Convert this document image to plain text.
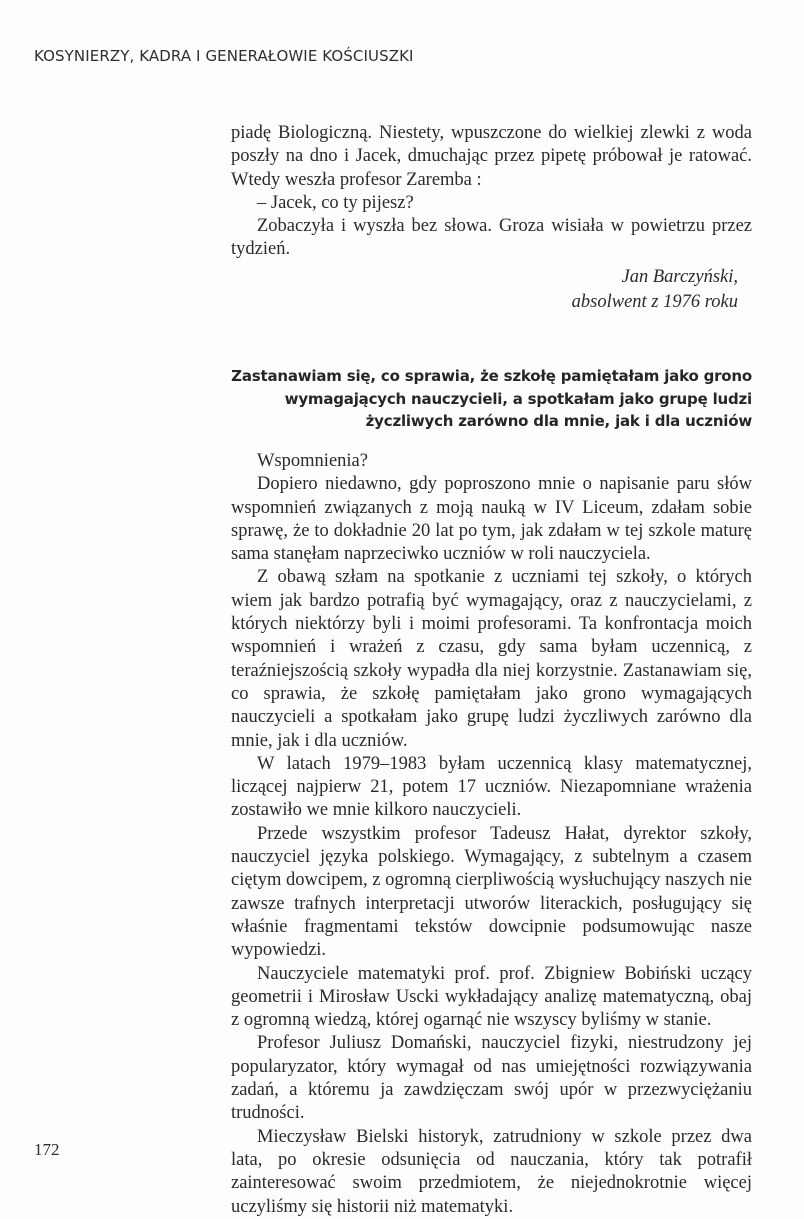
KOSYNIERZY, KADRA I GENERAŁOWIE KOŚCIUSZKI

piadę Biologiczną. Niestety, wpuszczone do wielkiej zlewki z woda poszły na dno i Jacek, dmuchając przez pipetę próbował je ratować. Wtedy weszła profesor Zaremba :

– Jacek, co ty pijesz?

Zobaczyła i wyszła bez słowa. Groza wisiała w powietrzu przez tydzień.

Jan Barczyński,
absolwent z 1976 roku
Zastanawiam się, co sprawia, że szkołę pamiętałam jako grono
wymagających nauczycieli, a spotkałam jako grupę ludzi
życzliwych zarówno dla mnie, jak i dla uczniów

Wspomnienia?

Dopiero niedawno, gdy poproszono mnie o napisanie paru słów wspomnień związanych z moją nauką w IV Liceum, zdałam sobie sprawę, że to dokładnie 20 lat po tym, jak zdałam w tej szkole maturę sama stanęłam naprzeciwko uczniów w roli nauczyciela.

Z obawą szłam na spotkanie z uczniami tej szkoły, o których wiem jak bardzo potrafią być wymagający, oraz z nauczycielami, z których niektórzy byli i moimi profesorami. Ta konfrontacja moich wspomnień i wrażeń z czasu, gdy sama byłam uczennicą, z teraźniejszością szkoły wypadła dla niej korzystnie. Zastanawiam się, co sprawia, że szkołę pamiętałam jako grono wymagających nauczycieli a spotkałam jako grupę ludzi życzliwych zarówno dla mnie, jak i dla uczniów.

W latach 1979–1983 byłam uczennicą klasy matematycznej, liczącej najpierw 21, potem 17 uczniów. Niezapomniane wrażenia zostawiło we mnie kilkoro nauczycieli.

Przede wszystkim profesor Tadeusz Hałat, dyrektor szkoły, nauczyciel języka polskiego. Wymagający, z subtelnym a czasem ciętym dowcipem, z ogromną cierpliwością wysłuchujący naszych nie zawsze trafnych interpretacji utworów literackich, posługujący się właśnie fragmentami tekstów dowcipnie podsumowując nasze wypowiedzi.

Nauczyciele matematyki prof. prof. Zbigniew Bobiński uczący geometrii i Mirosław Uscki wykładający analizę matematyczną, obaj z ogromną wiedzą, której ogarnąć nie wszyscy byliśmy w stanie.

Profesor Juliusz Domański, nauczyciel fizyki, niestrudzony jej popularyzator, który wymagał od nas umiejętności rozwiązywania zadań, a któremu ja zawdzięczam swój upór w przezwyciężaniu trudności.

Mieczysław Bielski historyk, zatrudniony w szkole przez dwa lata, po okresie odsunięcia od nauczania, który tak potrafił zainteresować swoim przedmiotem, że niejednokrotnie więcej uczyliśmy się historii niż matematyki.

172
